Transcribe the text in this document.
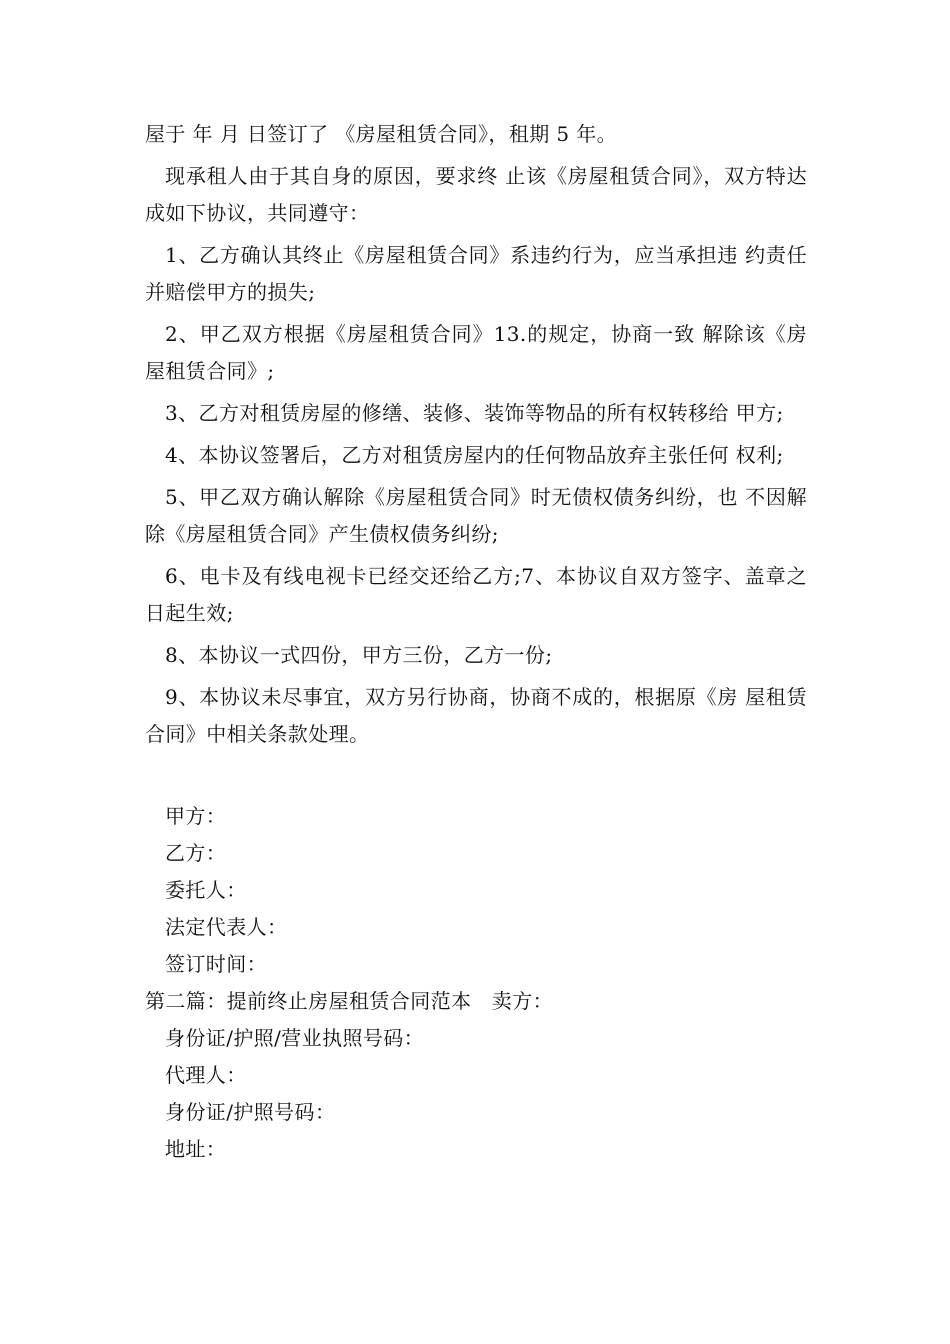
屋于 年 月 日签订了 《房屋租赁合同》，租期 5 年。

现承租人由于其自身的原因，要求终 止该《房屋租赁合同》，双方特达成如下协议，共同遵守：

1、乙方确认其终止《房屋租赁合同》系违约行为，应当承担违 约责任并赔偿甲方的损失;

2、甲乙双方根据《房屋租赁合同》13.的规定，协商一致 解除该《房屋租赁合同》;

3、乙方对租赁房屋的修缮、装修、装饰等物品的所有权转移给 甲方;

4、本协议签署后，乙方对租赁房屋内的任何物品放弃主张任何 权利;

5、甲乙双方确认解除《房屋租赁合同》时无债权债务纠纷，也 不因解除《房屋租赁合同》产生债权债务纠纷;

6、电卡及有线电视卡已经交还给乙方;7、本协议自双方签字、盖章之日起生效;

8、本协议一式四份，甲方三份，乙方一份;

9、本协议未尽事宜，双方另行协商，协商不成的，根据原《房 屋租赁合同》中相关条款处理。

甲方：

乙方：

委托人：

法定代表人：

签订时间：

第二篇：提前终止房屋租赁合同范本　卖方：

身份证/护照/营业执照号码：

代理人：

身份证/护照号码：

地址：
